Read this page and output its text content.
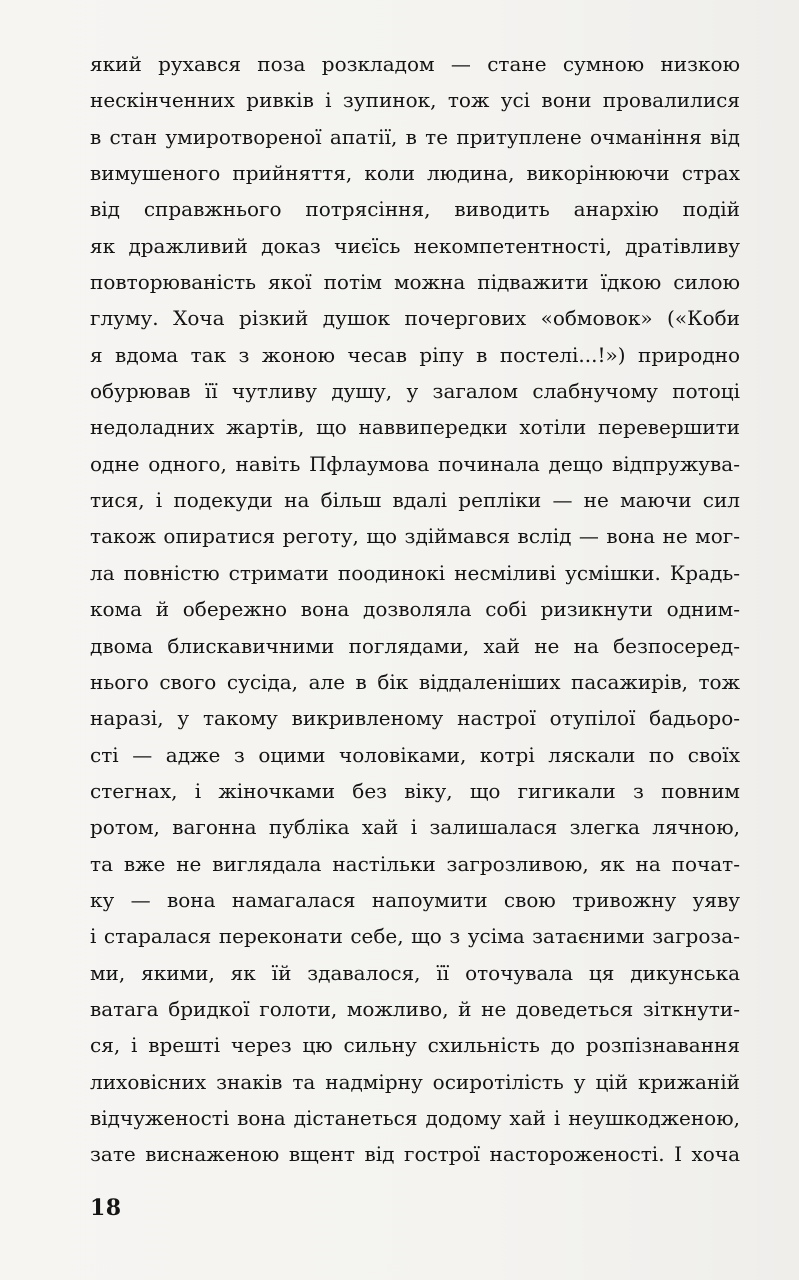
який рухався поза розкладом — стане сумною низкою
нескінченних ривків і зупинок, тож усі вони провалилися
в стан умиротвореної апатії, в те притуплене очманіння від
вимушеного прийняття, коли людина, викорінюючи страх
від справжнього потрясіння, виводить анархію подій
як дражливий доказ чиєїсь некомпетентності, дратівливу
повторюваність якої потім можна підважити їдкою силою
глуму. Хоча різкий душок почергових «обмовок» («Коби
я вдома так з жоною чесав ріпу в постелі...!») природно
обурював її чутливу душу, у загалом слабнучому потоці
недоладних жартів, що наввипередки хотіли перевершити
одне одного, навіть Пфлаумова починала дещо відпружува-
тися, і подекуди на більш вдалі репліки — не маючи сил
також опиратися реготу, що здіймався вслід — вона не мог-
ла повністю стримати поодинокі несміливі усмішки. Крадь-
кома й обережно вона дозволяла собі ризикнути одним-
двома блискавичними поглядами, хай не на безпосеред-
нього свого сусіда, але в бік віддаленіших пасажирів, тож
наразі, у такому викривленому настрої отупілої бадьоро-
сті — адже з оцими чоловіками, котрі ляскали по своїх
стегнах, і жіночками без віку, що гигикали з повним
ротом, вагонна публіка хай і залишалася злегка лячною,
та вже не виглядала настільки загрозливою, як на почат-
ку — вона намагалася напоумити свою тривожну уяву
і старалася переконати себе, що з усіма затаєними загроза-
ми, якими, як їй здавалося, її оточувала ця дикунська
ватага бридкої голоти, можливо, й не доведеться зіткнути-
ся, і врешті через цю сильну схильність до розпізнавання
лиховісних знаків та надмірну осиротілість у цій крижаній
відчуженості вона дістанеться додому хай і неушкодженою,
зате виснаженою вщент від гострої настороженості. І хоча
18
